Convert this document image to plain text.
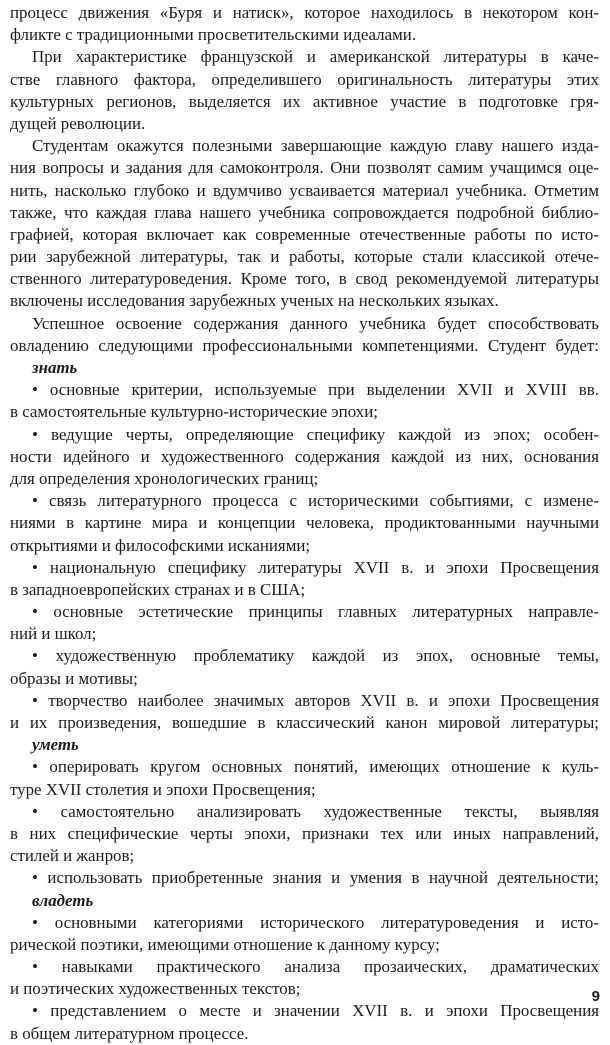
процесс движения «Буря и натиск», которое находилось в некотором кон-
фликте с традиционными просветительскими идеалами.
При характеристике французской и американской литературы в каче-
стве главного фактора, определившего оригинальность литературы этих
культурных регионов, выделяется их активное участие в подготовке гря-
дущей революции.
Студентам окажутся полезными завершающие каждую главу нашего изда-
ния вопросы и задания для самоконтроля. Они позволят самим учащимся оце-
нить, насколько глубоко и вдумчиво усваивается материал учебника. Отметим
также, что каждая глава нашего учебника сопровождается подробной библио-
графией, которая включает как современные отечественные работы по исто-
рии зарубежной литературы, так и работы, которые стали классикой отече-
ственного литературоведения. Кроме того, в свод рекомендуемой литературы
включены исследования зарубежных ученых на нескольких языках.
Успешное освоение содержания данного учебника будет способствовать
овладению следующими профессиональными компетенциями. Студент будет:
знать
• основные критерии, используемые при выделении XVII и XVIII вв.
в самостоятельные культурно-исторические эпохи;
• ведущие черты, определяющие специфику каждой из эпох; особен-
ности идейного и художественного содержания каждой из них, основания
для определения хронологических границ;
• связь литературного процесса с историческими событиями, с измене-
ниями в картине мира и концепции человека, продиктованными научными
открытиями и философскими исканиями;
• национальную специфику литературы XVII в. и эпохи Просвещения
в западноевропейских странах и в США;
• основные эстетические принципы главных литературных направле-
ний и школ;
• художественную проблематику каждой из эпох, основные темы,
образы и мотивы;
• творчество наиболее значимых авторов XVII в. и эпохи Просвещения
и их произведения, вошедшие в классический канон мировой литературы;
уметь
• оперировать кругом основных понятий, имеющих отношение к куль-
туре XVII столетия и эпохи Просвещения;
• самостоятельно анализировать художественные тексты, выявляя
в них специфические черты эпохи, признаки тех или иных направлений,
стилей и жанров;
• использовать приобретенные знания и умения в научной деятельности;
владеть
• основными категориями исторического литературоведения и исто-
рической поэтики, имеющими отношение к данному курсу;
• навыками практического анализа прозаических, драматических
и поэтических художественных текстов;
• представлением о месте и значении XVII в. и эпохи Просвещения
в общем литературном процессе.
9
